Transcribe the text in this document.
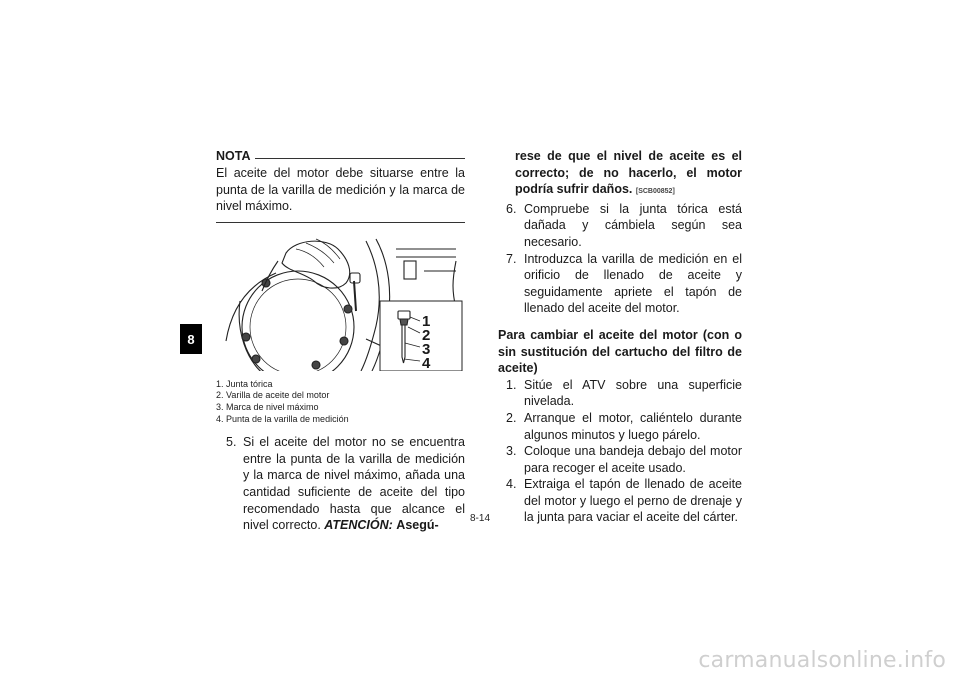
8
NOTA

El aceite del motor debe situarse entre la punta de la varilla de medición y la marca de nivel máximo.

1
2
3
4
1. Junta tórica
2. Varilla de aceite del motor
3. Marca de nivel máximo
4. Punta de la varilla de medición
5. Si el aceite del motor no se encuentra entre la punta de la varilla de medición y la marca de nivel máximo, añada una cantidad suficiente de aceite del tipo recomendado hasta que alcance el nivel correcto. ATENCIÓN: Asegú-

rese de que el nivel de aceite es el correcto; de no hacerlo, el motor podría sufrir daños. [SCB00852]

6. Compruebe si la junta tórica está dañada y cámbiela según sea necesario.
7. Introduzca la varilla de medición en el orificio de llenado de aceite y seguidamente apriete el tapón de llenado del aceite del motor.

Para cambiar el aceite del motor (con o sin sustitución del cartucho del filtro de aceite)

1. Sitúe el ATV sobre una superficie nivelada.
2. Arranque el motor, caliéntelo durante algunos minutos y luego párelo.
3. Coloque una bandeja debajo del motor para recoger el aceite usado.
4. Extraiga el tapón de llenado de aceite del motor y luego el perno de drenaje y la junta para vaciar el aceite del cárter.
8-14
carmanualsonline.info
